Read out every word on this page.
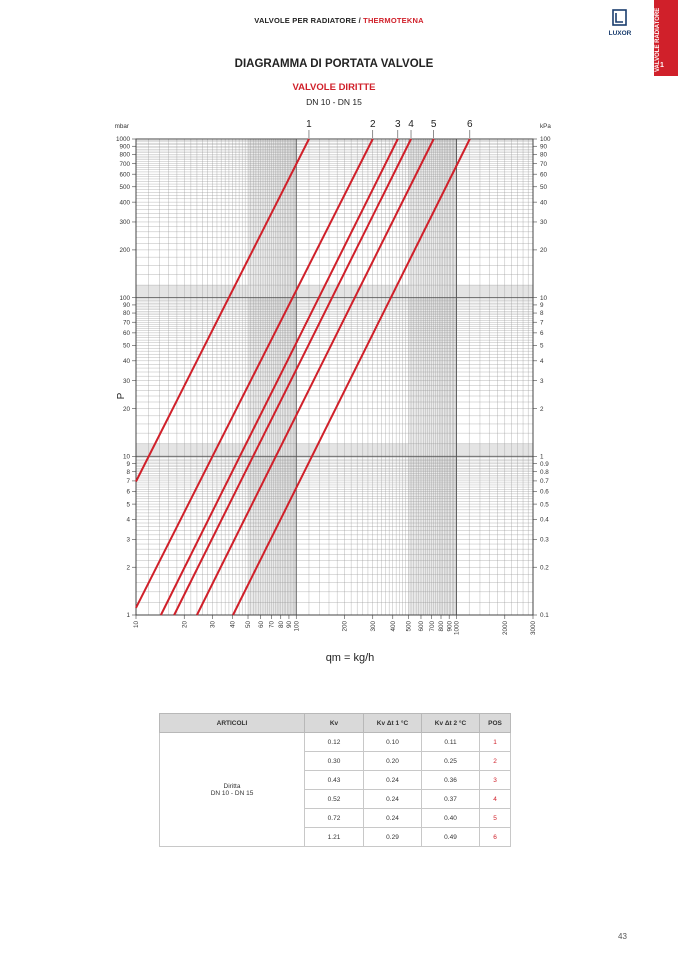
VALVOLE PER RADIATORE / THERMOTEKNA
LUXOR	VALVOLE RADIATORE 1
DIAGRAMMA DI PORTATA VALVOLE
VALVOLE DIRITTE
DN 10 - DN 15
1	0.1
2	0.2
3	0.3
4	0.4
5	0.5
6	0.6
7	0.7
8	0.8
9	0.9
10	1
20	2
30	3
40	4
50	5
60	6
70	7
80	8
90	9
100	10
200	20
300	30
400	40
500	50
600	60
700	70
800	80
900	90
1000	100
mbar	kPa
P
10	20	30 40 50 60 70 80 90 100	200	300 400 500 600 700 800 900 1000	2000	3000
1	2 3 4 5	6
qm = kg/h
ARTICOLI	Kv	Kv Δt 1 °C	Kv Δt 2 °C	POS
Diritta
DN 10 - DN 15	0.12	0.10	0.11	1
	0.30	0.20	0.25	2
	0.43	0.24	0.36	3
	0.52	0.24	0.37	4
	0.72	0.24	0.40	5
	1.21	0.29	0.49	6
43
